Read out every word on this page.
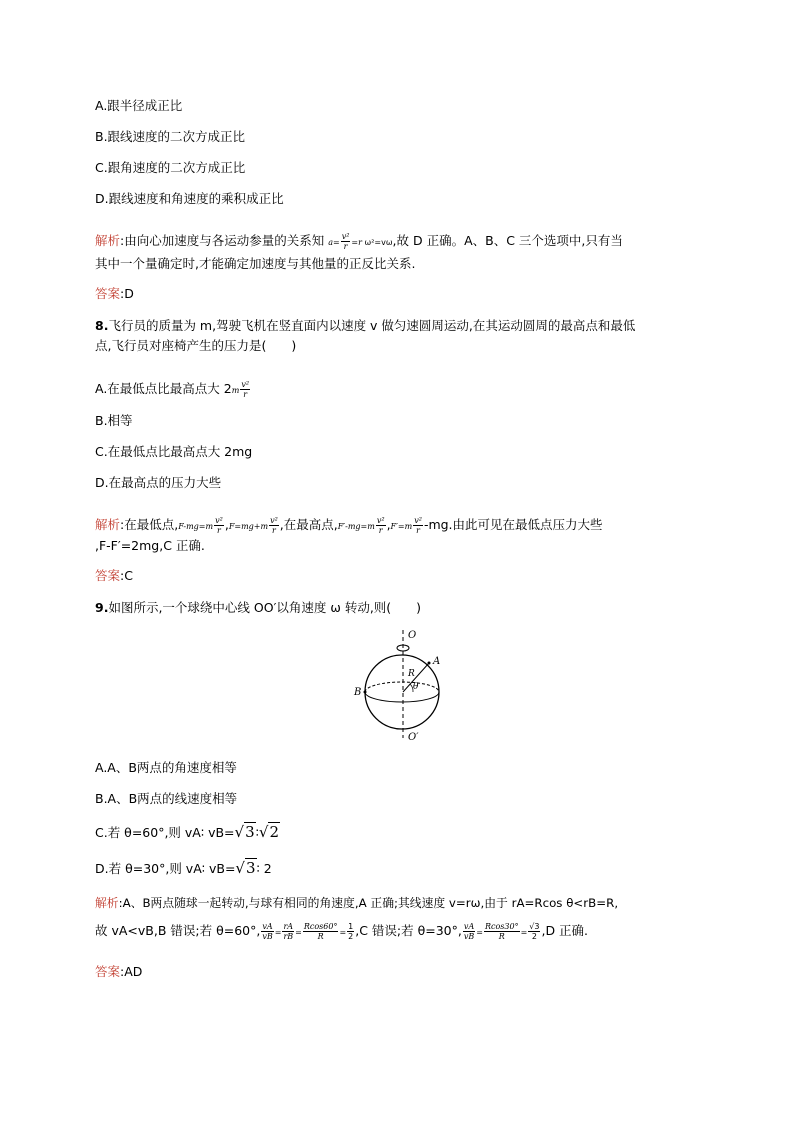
A.跟半径成正比
B.跟线速度的二次方成正比
C.跟角速度的二次方成正比
D.跟线速度和角速度的乘积成正比
解析:由向心加速度与各运动参量的关系知 $a= \frac{\text{v²}}{r} =r$ ω²=vω,故 D 正确。A、B、C 三个选项中,只有当
其中一个量确定时,才能确定加速度与其他量的正反比关系.
答案:D
8.飞行员的质量为 m,驾驶飞机在竖直面内以速度 v 做匀速圆周运动,在其运动圆周的最高点和最低
点,飞行员对座椅产生的压力是(　　)
A.在最低点比最高点大 $2m \frac{\text{v²}}{r}$
B.相等
C.在最低点比最高点大 2mg
D.在最高点的压力大些
解析:在最低点$,F-mg=m \frac{\text{v²}}{r} ,F=mg+m \frac{\text{v²}}{r}$ ,在最高点$,F'-mg=m \frac{\text{v²}}{r} ,F'=m \frac{\text{v²}}{r} -mg$.由此可见在最低点压力大些
,F-F′=2mg,C 正确.
答案:C
9.如图所示,一个球绕中心线 OO′以角速度 ω 转动,则(　　)
O
O′
A
B
R
θ
A.A、B两点的角速度相等
B.A、B两点的线速度相等
C.若 θ=60°,则 vA∶ vB=√3∶√2
D.若 θ=30°,则 vA∶ vB=√3∶ 2
解析:A、B两点随球一起转动,与球有相同的角速度,A 正确;其线速度 v=rω,由于 rA=Rcos θ<rB=R,
故 vA<vB,B 错误;若 θ=60°, $\frac{vA}{vB} = \frac{rA}{rB} = \frac{Rcos60^\circ}{R} = \frac{1}{2} ,C$ 错误;若 θ=30°, $\frac{vA}{vB} = \frac{Rcos30^\circ}{R} = \frac{√3}{2} ,D$ 正确.
答案:AD
